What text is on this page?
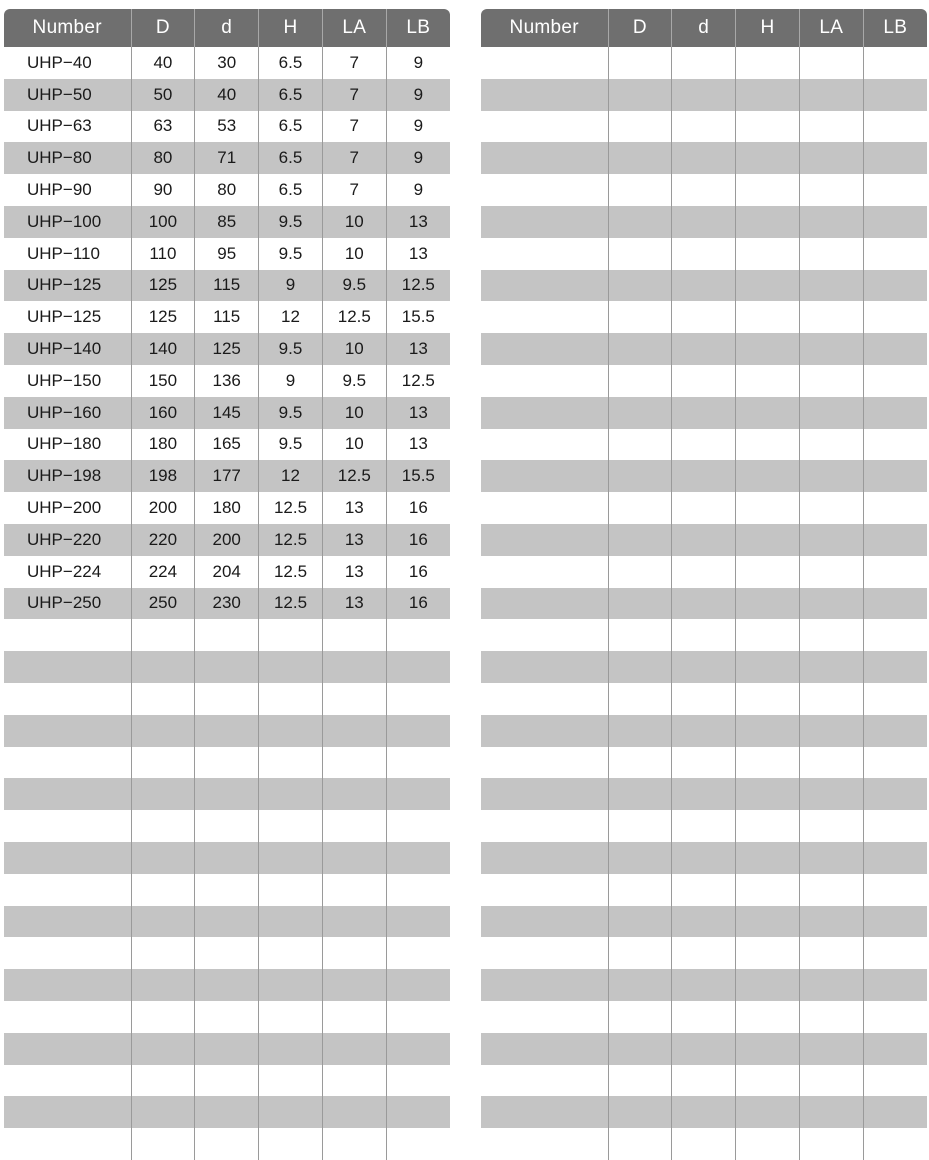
Number	D	d	H	LA	LB
UHP−40	40	30	6.5	7	9
UHP−50	50	40	6.5	7	9
UHP−63	63	53	6.5	7	9
UHP−80	80	71	6.5	7	9
UHP−90	90	80	6.5	7	9
UHP−100	100	85	9.5	10	13
UHP−110	110	95	9.5	10	13
UHP−125	125	115	9	9.5	12.5
UHP−125	125	115	12	12.5	15.5
UHP−140	140	125	9.5	10	13
UHP−150	150	136	9	9.5	12.5
UHP−160	160	145	9.5	10	13
UHP−180	180	165	9.5	10	13
UHP−198	198	177	12	12.5	15.5
UHP−200	200	180	12.5	13	16
UHP−220	220	200	12.5	13	16
UHP−224	224	204	12.5	13	16
UHP−250	250	230	12.5	13	16

Number	D	d	H	LA	LB
